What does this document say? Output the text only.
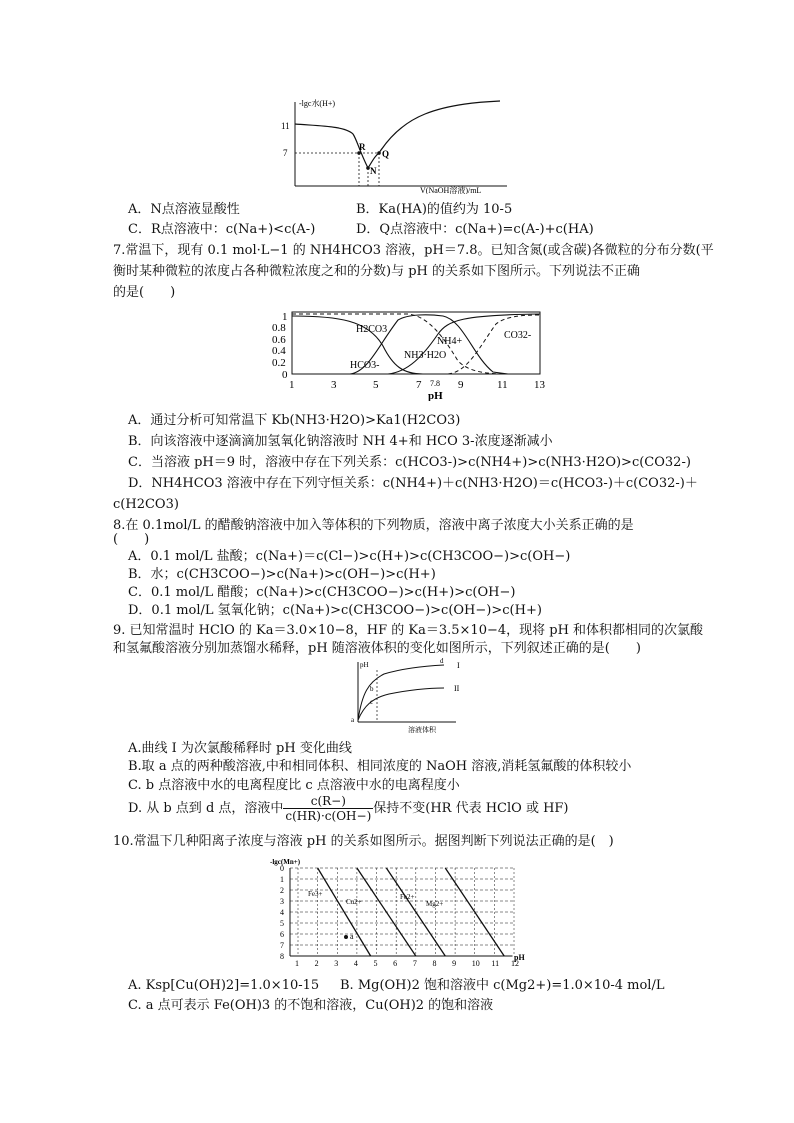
-lgc水(H+)
V(NaOH溶液)/mL
11
7
R
N
Q
A．N点溶液显酸性	B．Ka(HA)的值约为 10-5
C．R点溶液中：c(Na+)<c(A-)	D．Q点溶液中：c(Na+)=c(A-)+c(HA)
7.常温下，现有 0.1 mol·L−1 的 NH4HCO3 溶液，pH＝7.8。已知含氮(或含碳)各微粒的分布分数(平
衡时某种微粒的浓度占各种微粒浓度之和的分数)与 pH 的关系如下图所示。下列说法不正确
的是(　　)
1
0.8
0.6
0.4
0.2
0
1	3	5	7 7.8 9	11 13
pH
H2CO3
HCO3-
CO32-
NH4+
NH3·H2O
A．通过分析可知常温下 Kb(NH3·H2O)>Ka1(H2CO3)
B．向该溶液中逐滴滴加氢氧化钠溶液时 NH 4+和 HCO 3-浓度逐渐减小
C．当溶液 pH＝9 时，溶液中存在下列关系：c(HCO3-)>c(NH4+)>c(NH3·H2O)>c(CO32-)
D．NH4HCO3 溶液中存在下列守恒关系：c(NH4+)＋c(NH3·H2O)＝c(HCO3-)＋c(CO32-)＋
c(H2CO3)
8.在 0.1mol/L 的醋酸钠溶液中加入等体积的下列物质，溶液中离子浓度大小关系正确的是
(　　)
A．0.1 mol/L 盐酸；c(Na+)＝c(Cl−)>c(H+)>c(CH3COO−)>c(OH−)
B．水；c(CH3COO−)>c(Na+)>c(OH−)>c(H+)
C．0.1 mol/L 醋酸；c(Na+)>c(CH3COO−)>c(H+)>c(OH−)
D．0.1 mol/L 氢氧化钠；c(Na+)>c(CH3COO−)>c(OH−)>c(H+)
9. 已知常温时 HClO 的 Ka＝3.0×10−8，HF 的 Ka＝3.5×10−4，现将 pH 和体积都相同的次氯酸
和氢氟酸溶液分别加蒸馏水稀释，pH 随溶液体积的变化如图所示，下列叙述正确的是(　　)
pH
溶液体积
I
II
a
b
c
d
A.曲线 I 为次氯酸稀释时 pH 变化曲线
B.取 a 点的两种酸溶液,中和相同体积、相同浓度的 NaOH 溶液,消耗氢氟酸的体积较小
C. b 点溶液中水的电离程度比 c 点溶液中水的电离程度小
D. 从 b 点到 d 点，溶液中 $\frac{c(R-)}{c(HR)\cdot c(OH-)}$ 保持不变(HR 代表 HClO 或 HF)
10.常温下几种阳离子浓度与溶液 pH 的关系如图所示。据图判断下列说法正确的是(　)
-lgc(Mn+)
0
1
2
3
4
5
6
7
8
1 2 3 4 5 6 7 8 9 10 11 12
Fe3+
Cu2+
Fe2+
Mg2+
a
pH
A. Ksp[Cu(OH)2]=1.0×10-15 B. Mg(OH)2 饱和溶液中 c(Mg2+)=1.0×10-4 mol/L
C. a 点可表示 Fe(OH)3 的不饱和溶液，Cu(OH)2 的饱和溶液
